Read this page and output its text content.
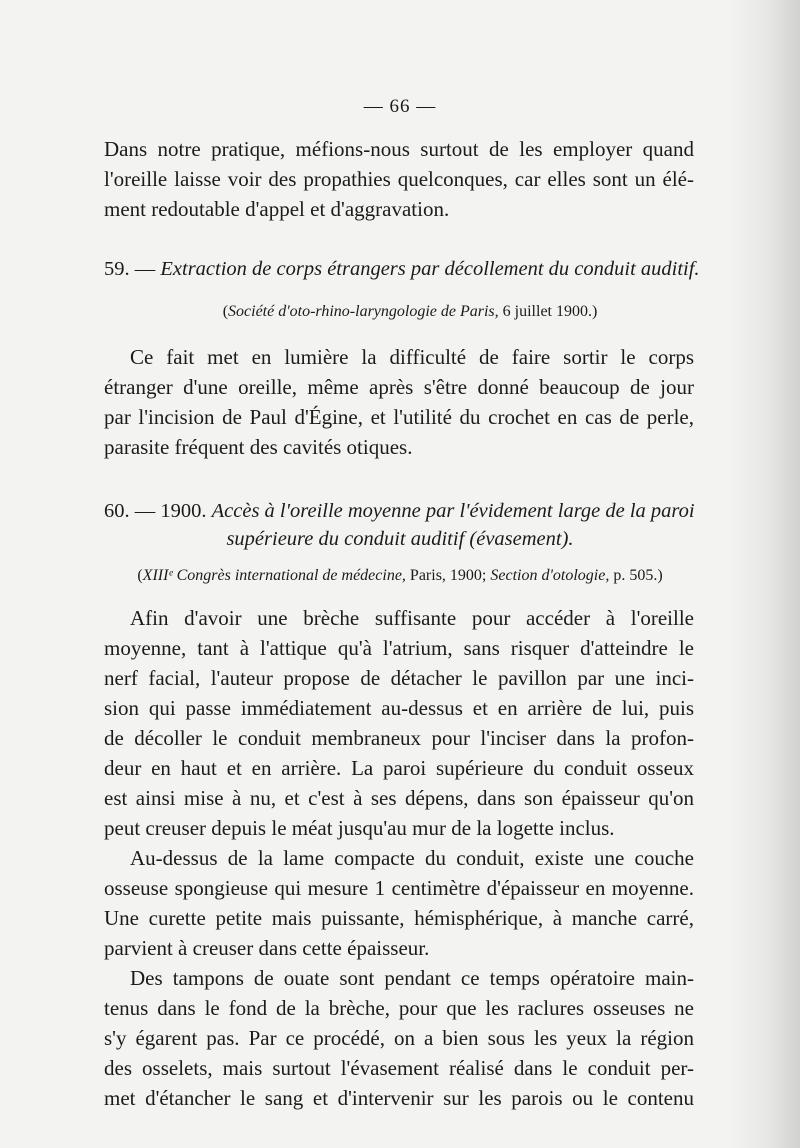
— 66 —
Dans notre pratique, méfions-nous surtout de les employer quand
l'oreille laisse voir des propathies quelconques, car elles sont un élé-
ment redoutable d'appel et d'aggravation.
59. — Extraction de corps étrangers par décollement du conduit auditif.
(Société d'oto-rhino-laryngologie de Paris, 6 juillet 1900.)
Ce fait met en lumière la difficulté de faire sortir le corps
étranger d'une oreille, même après s'être donné beaucoup de jour
par l'incision de Paul d'Égine, et l'utilité du crochet en cas de perle,
parasite fréquent des cavités otiques.
60. — 1900. Accès à l'oreille moyenne par l'évidement large de la paroi
supérieure du conduit auditif (évasement).
(XIIIᵉ Congrès international de médecine, Paris, 1900; Section d'otologie, p. 505.)
Afin d'avoir une brèche suffisante pour accéder à l'oreille
moyenne, tant à l'attique qu'à l'atrium, sans risquer d'atteindre le
nerf facial, l'auteur propose de détacher le pavillon par une inci-
sion qui passe immédiatement au-dessus et en arrière de lui, puis
de décoller le conduit membraneux pour l'inciser dans la profon-
deur en haut et en arrière. La paroi supérieure du conduit osseux
est ainsi mise à nu, et c'est à ses dépens, dans son épaisseur qu'on
peut creuser depuis le méat jusqu'au mur de la logette inclus.
Au-dessus de la lame compacte du conduit, existe une couche
osseuse spongieuse qui mesure 1 centimètre d'épaisseur en moyenne.
Une curette petite mais puissante, hémisphérique, à manche carré,
parvient à creuser dans cette épaisseur.
Des tampons de ouate sont pendant ce temps opératoire main-
tenus dans le fond de la brèche, pour que les raclures osseuses ne
s'y égarent pas. Par ce procédé, on a bien sous les yeux la région
des osselets, mais surtout l'évasement réalisé dans le conduit per-
met d'étancher le sang et d'intervenir sur les parois ou le contenu
